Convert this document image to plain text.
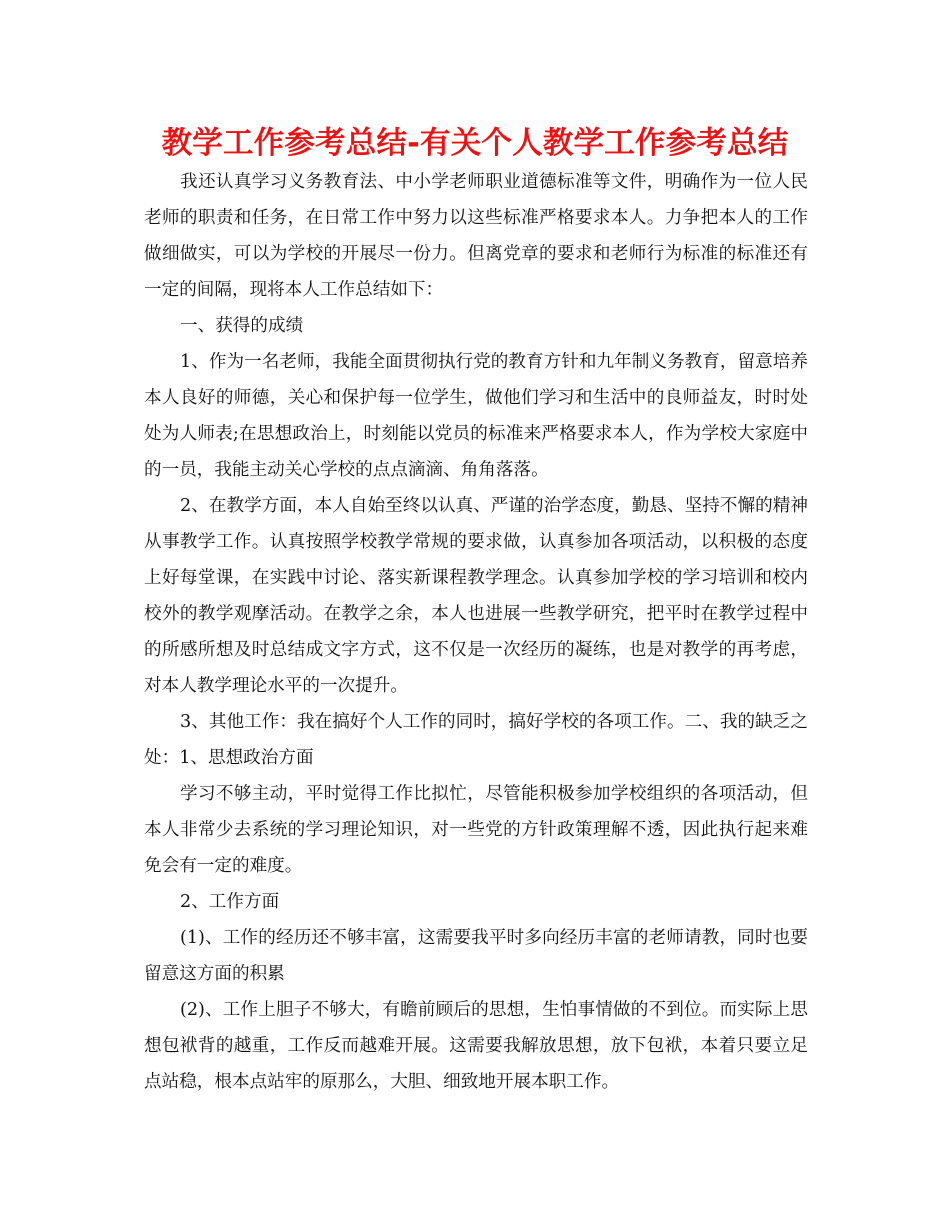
教学工作参考总结-有关个人教学工作参考总结

我还认真学习义务教育法、中小学老师职业道德标准等文件，明确作为一位人民老师的职责和任务，在日常工作中努力以这些标准严格要求本人。力争把本人的工作做细做实，可以为学校的开展尽一份力。但离党章的要求和老师行为标准的标准还有一定的间隔，现将本人工作总结如下：

一、获得的成绩

1、作为一名老师，我能全面贯彻执行党的教育方针和九年制义务教育，留意培养本人良好的师德，关心和保护每一位学生，做他们学习和生活中的良师益友，时时处处为人师表;在思想政治上，时刻能以党员的标准来严格要求本人，作为学校大家庭中的一员，我能主动关心学校的点点滴滴、角角落落。

2、在教学方面，本人自始至终以认真、严谨的治学态度，勤恳、坚持不懈的精神从事教学工作。认真按照学校教学常规的要求做，认真参加各项活动，以积极的态度上好每堂课，在实践中讨论、落实新课程教学理念。认真参加学校的学习培训和校内校外的教学观摩活动。在教学之余，本人也进展一些教学研究，把平时在教学过程中的所感所想及时总结成文字方式，这不仅是一次经历的凝练，也是对教学的再考虑，对本人教学理论水平的一次提升。

3、其他工作：我在搞好个人工作的同时，搞好学校的各项工作。二、我的缺乏之处：1、思想政治方面

学习不够主动，平时觉得工作比拟忙，尽管能积极参加学校组织的各项活动，但本人非常少去系统的学习理论知识，对一些党的方针政策理解不透，因此执行起来难免会有一定的难度。

2、工作方面

(1)、工作的经历还不够丰富，这需要我平时多向经历丰富的老师请教，同时也要留意这方面的积累

(2)、工作上胆子不够大，有瞻前顾后的思想，生怕事情做的不到位。而实际上思想包袱背的越重，工作反而越难开展。这需要我解放思想，放下包袱，本着只要立足点站稳，根本点站牢的原那么，大胆、细致地开展本职工作。
